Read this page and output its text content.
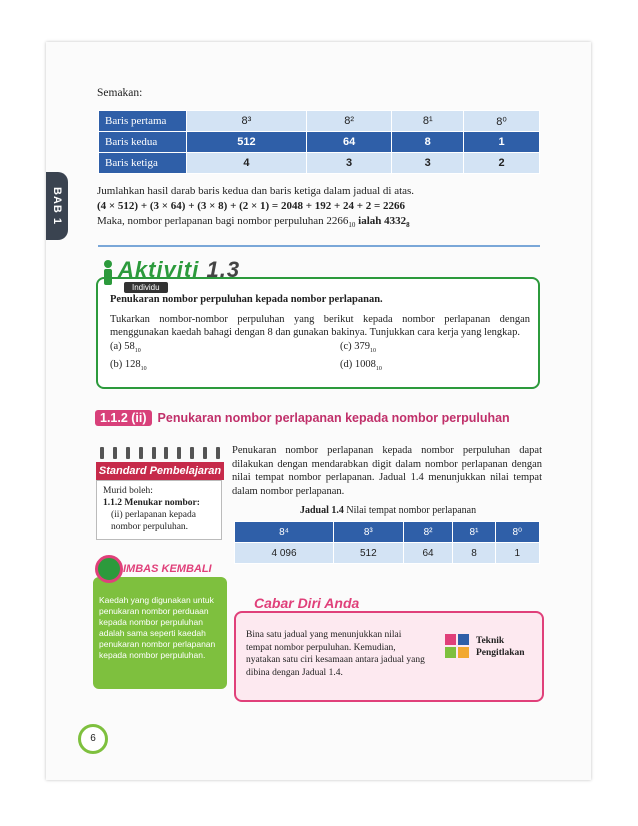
BAB 1
Semakan:
Baris pertama	8³	8²	8¹	8⁰
Baris kedua	512	64	8	1
Baris ketiga	4	3	3	2
Jumlahkan hasil darab baris kedua dan baris ketiga dalam jadual di atas.
(4 × 512) + (3 × 64) + (3 × 8) + (2 × 1) = 2048 + 192 + 24 + 2 = 2266
Maka, nombor perlapanan bagi nombor perpuluhan $2266_{10}$ ialah $4332_8$
Penukaran nombor perpuluhan kepada nombor perlapanan.
Tukarkan nombor-nombor perpuluhan yang berikut kepada nombor perlapanan dengan menggunakan kaedah bahagi dengan 8 dan gunakan bakinya. Tunjukkan cara kerja yang lengkap.
(a) $58_{10}$	(c) $379_{10}$
(b) $128_{10}$	(d) $1008_{10}$
Aktiviti 1.3
Individu
1.1.2 (ii) Penukaran nombor perlapanan kepada nombor perpuluhan
Standard Pembelajaran
Murid boleh:
1.1.2 Menukar nombor:
(ii) perlapanan kepada nombor perpuluhan.
Penukaran nombor perlapanan kepada nombor perpuluhan dapat dilakukan dengan mendarabkan digit dalam nombor perlapanan dengan nilai tempat nombor perlapanan. Jadual 1.4 menunjukkan nilai tempat dalam nombor perlapanan.
Jadual 1.4 Nilai tempat nombor perlapanan
8⁴	8³	8²	8¹	8⁰
4 096	512	64	8	1
Kaedah yang digunakan untuk penukaran nombor perduaan kepada nombor perpuluhan adalah sama seperti kaedah penukaran nombor perlapanan kepada nombor perpuluhan.
IMBAS KEMBALI
Bina satu jadual yang menunjukkan nilai tempat nombor perpuluhan. Kemudian, nyatakan satu ciri kesamaan antara jadual yang dibina dengan Jadual 1.4.
Teknik
Pengitlakan
Cabar Diri Anda
6
